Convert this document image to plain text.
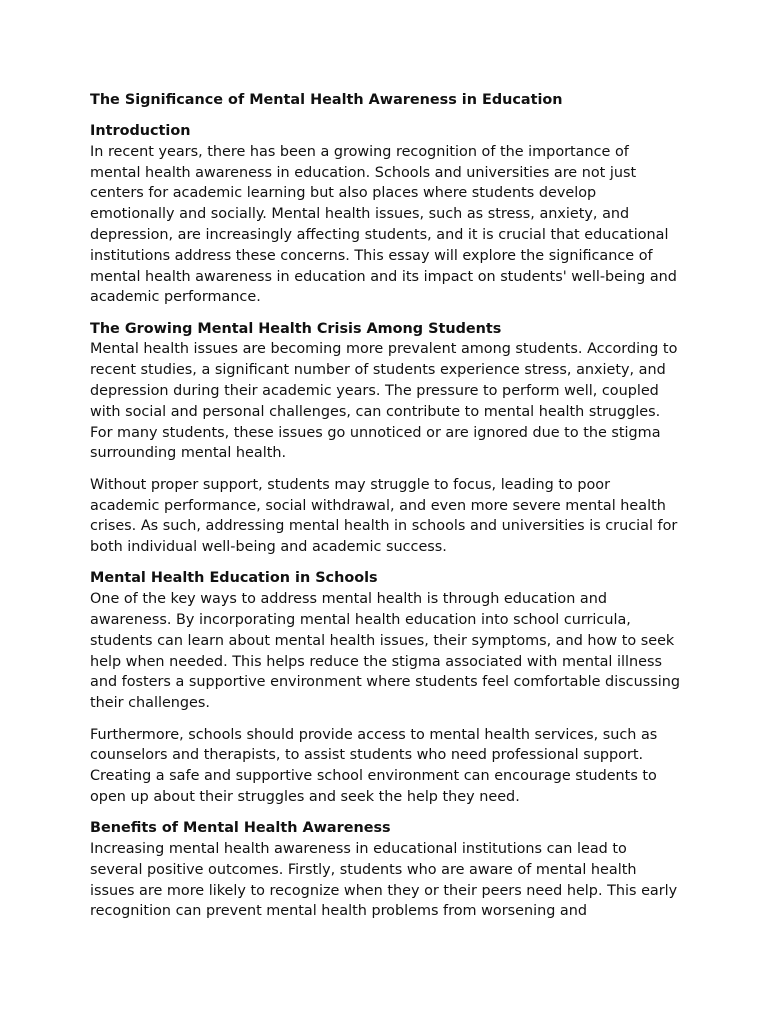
The Significance of Mental Health Awareness in Education
Introduction

In recent years, there has been a growing recognition of the importance of mental health awareness in education. Schools and universities are not just centers for academic learning but also places where students develop emotionally and socially. Mental health issues, such as stress, anxiety, and depression, are increasingly affecting students, and it is crucial that educational institutions address these concerns. This essay will explore the significance of mental health awareness in education and its impact on students' well-being and academic performance.

The Growing Mental Health Crisis Among Students

Mental health issues are becoming more prevalent among students. According to recent studies, a significant number of students experience stress, anxiety, and depression during their academic years. The pressure to perform well, coupled with social and personal challenges, can contribute to mental health struggles. For many students, these issues go unnoticed or are ignored due to the stigma surrounding mental health.

Without proper support, students may struggle to focus, leading to poor academic performance, social withdrawal, and even more severe mental health crises. As such, addressing mental health in schools and universities is crucial for both individual well-being and academic success.

Mental Health Education in Schools

One of the key ways to address mental health is through education and awareness. By incorporating mental health education into school curricula, students can learn about mental health issues, their symptoms, and how to seek help when needed. This helps reduce the stigma associated with mental illness and fosters a supportive environment where students feel comfortable discussing their challenges.

Furthermore, schools should provide access to mental health services, such as counselors and therapists, to assist students who need professional support. Creating a safe and supportive school environment can encourage students to open up about their struggles and seek the help they need.

Benefits of Mental Health Awareness

Increasing mental health awareness in educational institutions can lead to several positive outcomes. Firstly, students who are aware of mental health issues are more likely to recognize when they or their peers need help. This early recognition can prevent mental health problems from worsening and
